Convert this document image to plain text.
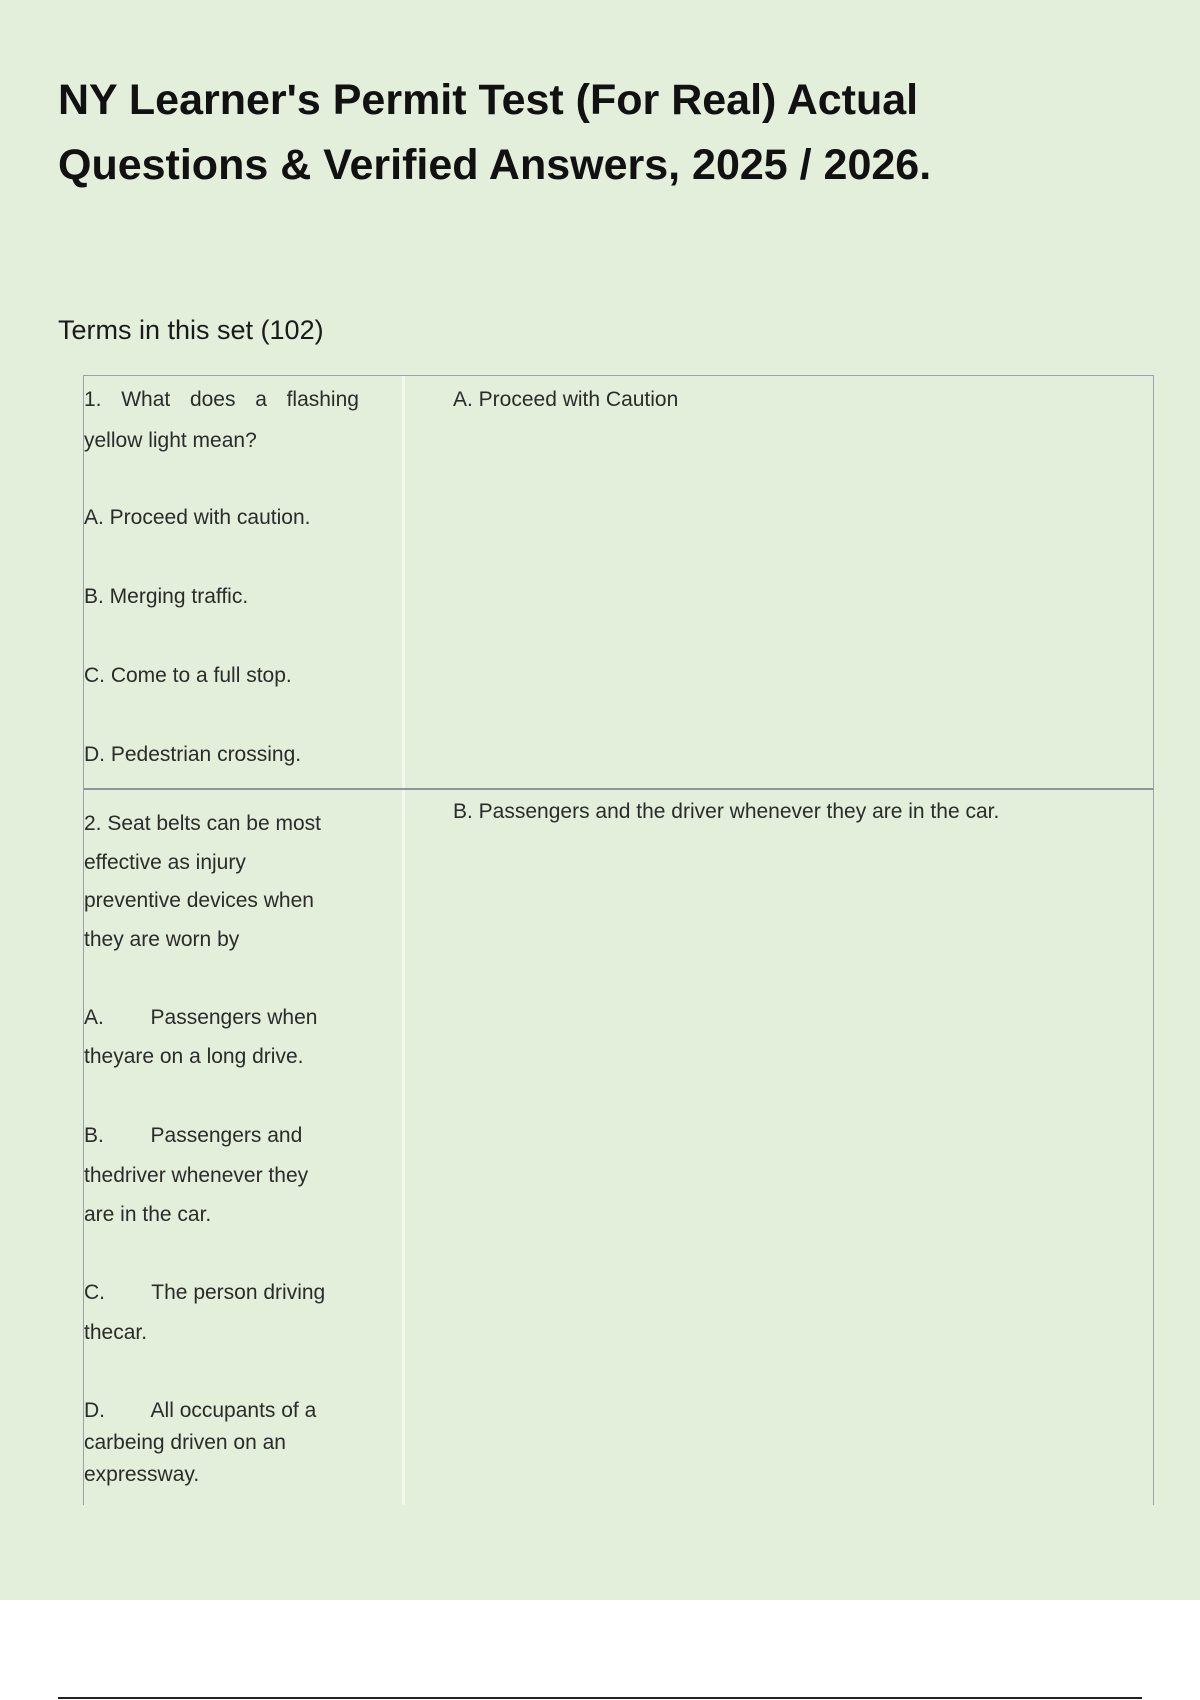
NY Learner's Permit Test (For Real) Actual
Questions & Verified Answers, 2025 / 2026.

Terms in this set (102)

1. What does a flashing
yellow light mean?
A. Proceed with caution.
B. Merging traffic.
C. Come to a full stop.
D. Pedestrian crossing.
A. Proceed with Caution
2. Seat belts can be most
effective as injury
preventive devices when
they are worn by
A.        Passengers when
theyare on a long drive.
B.        Passengers and
thedriver whenever they
are in the car.
C.        The person driving
thecar.
D.        All occupants of a
carbeing driven on an
expressway.
B. Passengers and the driver whenever they are in the car.
